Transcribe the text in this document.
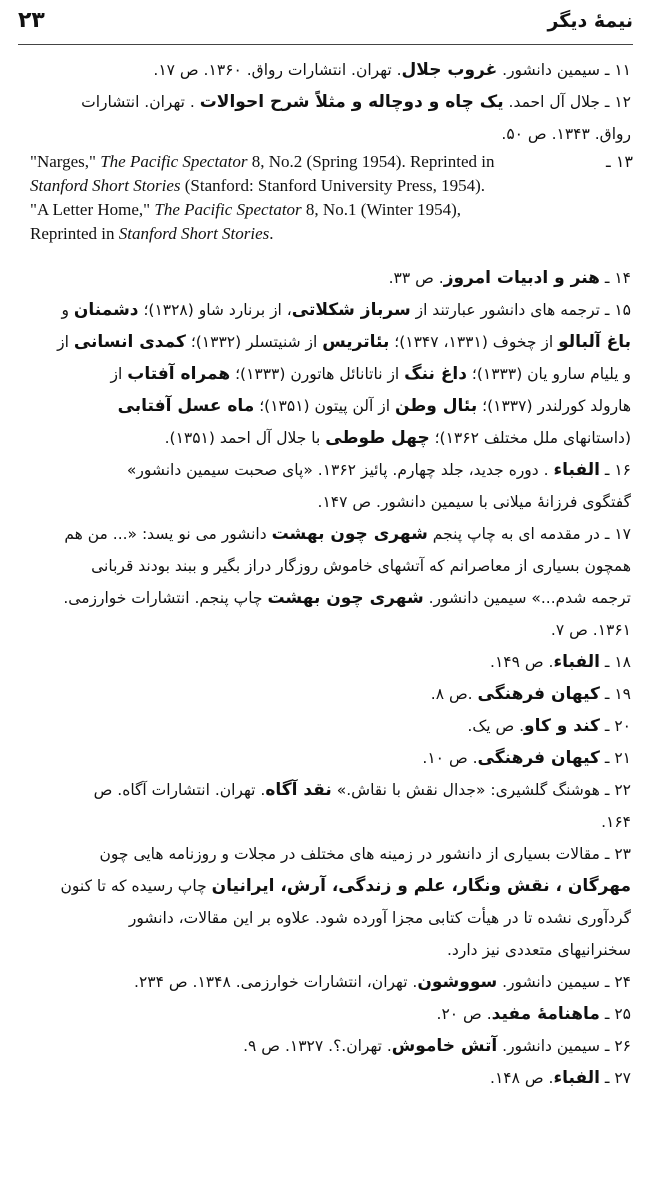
۲۳	نیمهٔ دیگر
۱۱ ـ سیمین دانشور. غروب جلال. تهران. انتشارات رواق. ۱۳۶۰. ص ۱۷.
۱۲ ـ جلال آل احمد. یک چاه و دوچاله و مثلاً شرح احوالات . تهران. انتشارات
رواق. ۱۳۴۳. ص ۵۰.
۱۳ ـ
"Narges," The Pacific Spectator 8, No.2 (Spring 1954). Reprinted in
Stanford Short Stories (Stanford: Stanford University Press, 1954).
"A Letter Home," The Pacific Spectator 8, No.1 (Winter 1954),
Reprinted in Stanford Short Stories.
۱۴ ـ هنر و ادبیات امروز. ص ۳۳.
۱۵ ـ ترجمه های دانشور عبارتند از سرباز شکلاتی، از برنارد شاو (۱۳۲۸)؛ دشمنان و
باغ آلبالو از چخوف (۱۳۳۱، ۱۳۴۷)؛ بئاتریس از شنیتسلر (۱۳۳۲)؛ کمدی انسانی از
و یلیام سارو یان (۱۳۳۳)؛ داغ ننگ از ناتانائل هاتورن (۱۳۳۳)؛ همراه آفتاب از
هارولد کورلندر (۱۳۳۷)؛ بئال وطن از آلن پیتون (۱۳۵۱)؛ ماه عسل آفتابی
(داستانهای ملل مختلف ۱۳۶۲)؛ چهل طوطی با جلال آل احمد (۱۳۵۱).
۱۶ ـ الفباء . دوره جدید، جلد چهارم. پائیز ۱۳۶۲. «پای صحبت سیمین دانشور»
گفتگوی فرزانهٔ میلانی با سیمین دانشور. ص ۱۴۷.
۱۷ ـ در مقدمه ای به چاپ پنجم شهری چون بهشت دانشور می نو یسد: «... من هم
همچون بسیاری از معاصرانم که آتشهای خاموش روزگار دراز بگیر و ببند بودند قربانی
ترجمه شدم...» سیمین دانشور. شهری چون بهشت چاپ پنجم. انتشارات خوارزمی.
۱۳۶۱. ص ۷.
۱۸ ـ الفباء. ص ۱۴۹.
۱۹ ـ کیهان فرهنگی .ص ۸.
۲۰ ـ کند و کاو. ص یک.
۲۱ ـ کیهان فرهنگی. ص ۱۰.
۲۲ ـ هوشنگ گلشیری: «جدال نقش با نقاش.» نقد آگاه. تهران. انتشارات آگاه. ص
۱۶۴.
۲۳ ـ مقالات بسیاری از دانشور در زمینه های مختلف در مجلات و روزنامه هایی چون
مهرگان ، نقش ونگار، علم و زندگی، آرش، ایرانیان چاپ رسیده که تا کنون
گردآوری نشده تا در هیأت کتابی مجزا آورده شود. علاوه بر این مقالات، دانشور
سخنرانیهای متعددی نیز دارد.
۲۴ ـ سیمین دانشور. سووشون. تهران، انتشارات خوارزمی. ۱۳۴۸. ص ۲۳۴.
۲۵ ـ ماهنامهٔ مفید. ص ۲۰.
۲۶ ـ سیمین دانشور. آتش خاموش. تهران.؟. ۱۳۲۷. ص ۹.
۲۷ ـ الفباء. ص ۱۴۸.
